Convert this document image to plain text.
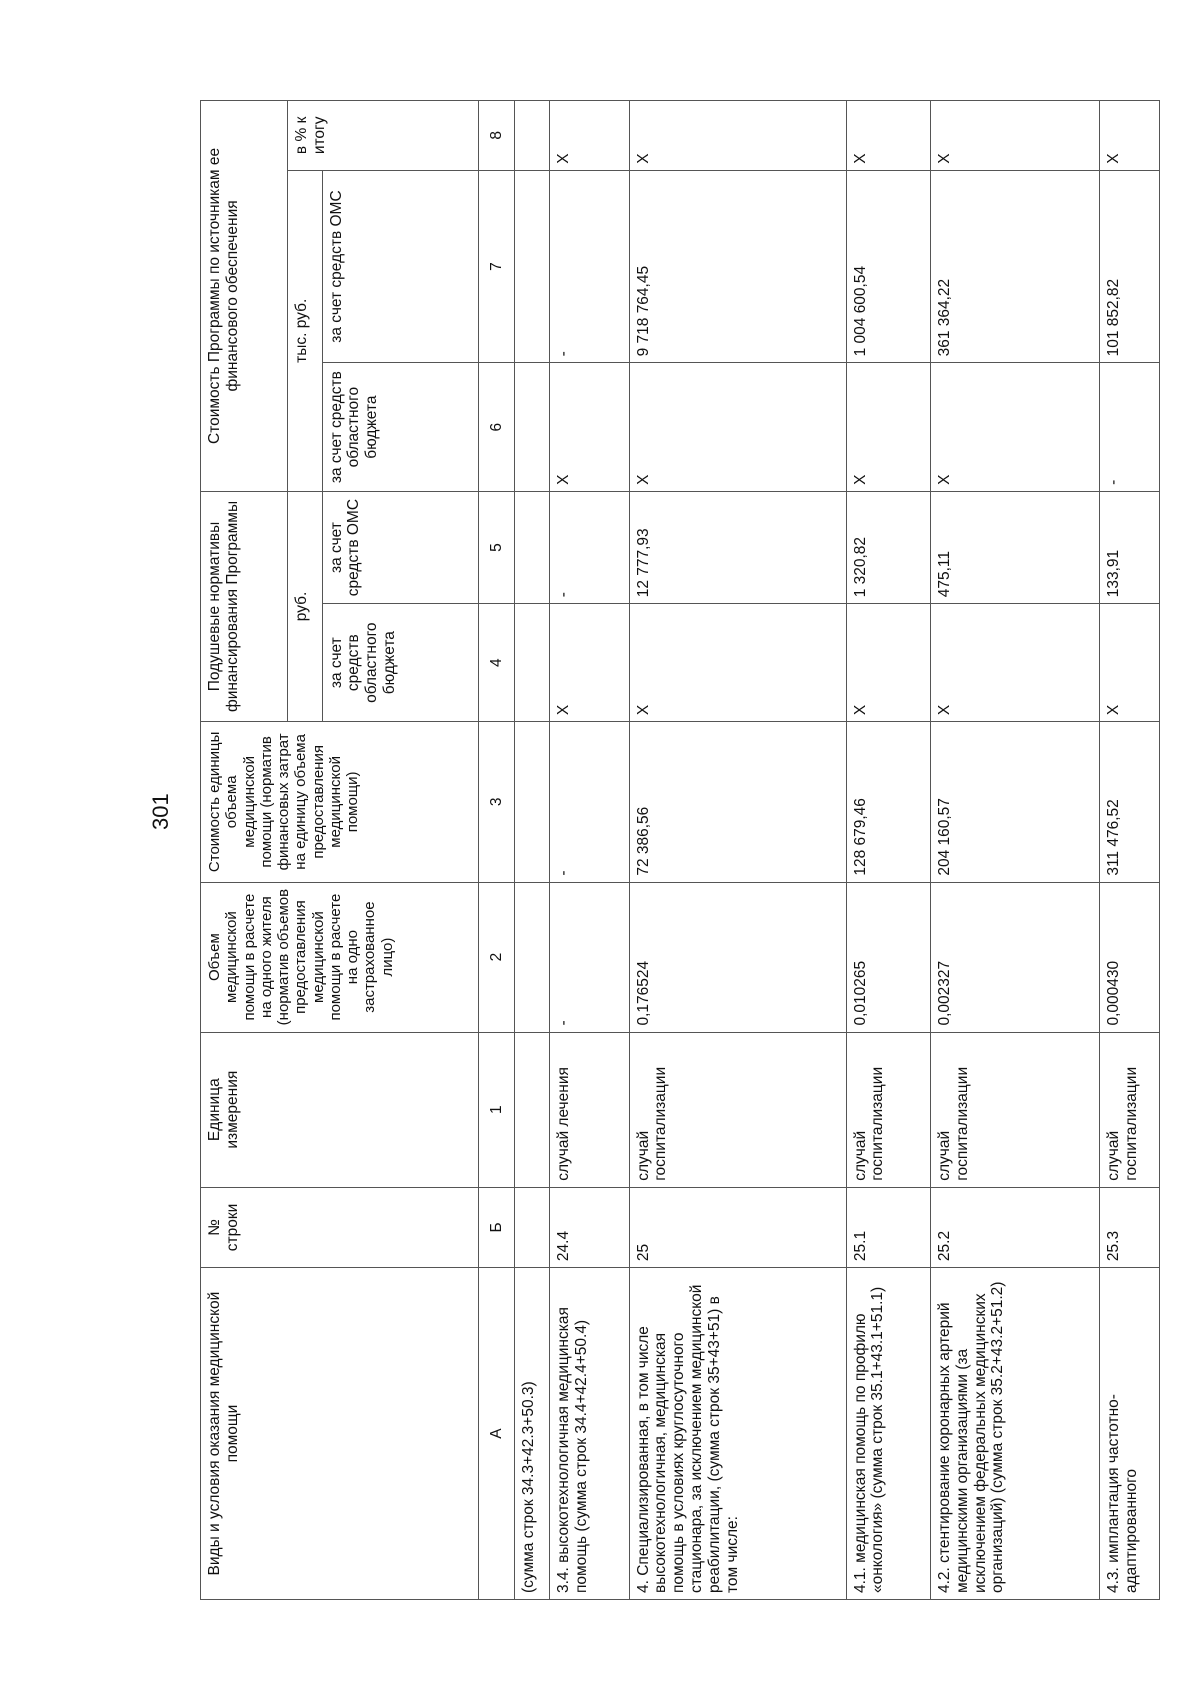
301
Виды и условия оказания медицинской помощи	№ строки	Единица измерения	Объем медицинской помощи в расчете на одного жителя (норматив объемов предоставления медицинской помощи в расчете на одно застрахованное лицо)	Стоимость единицы объема медицинской помощи (норматив финансовых затрат на единицу объема предоставления медицинской помощи)	Подушевые нормативы финансирования Программы		Стоимость Программы по источникам ее финансового обеспечения		
					руб.		тыс. руб.		в % к итогу
					за счет средств областного бюджета	за счет средств ОМС	за счет средств областного бюджета	за счет средств ОМС	
А	Б	1	2	3	4	5	6	7	8
(сумма строк 34.3+42.3+50.3)									
3.4. высокотехнологичная медицинская помощь (сумма строк 34.4+42.4+50.4)	24.4	случай лечения	-	-	X	-	X	-	X
4. Специализированная, в том числе высокотехнологичная, медицинская помощь в условиях круглосуточного стационара, за исключением медицинской реабилитации, (сумма строк 35+43+51) в том числе:	25	случай госпитализации	0,176524	72 386,56	X	12 777,93	X	9 718 764,45	X
4.1. медицинская помощь по профилю «онкология» (сумма строк 35.1+43.1+51.1)	25.1	случай госпитализации	0,010265	128 679,46	X	1 320,82	X	1 004 600,54	X
4.2. стентирование коронарных артерий медицинскими организациями (за исключением федеральных медицинских организаций) (сумма строк 35.2+43.2+51.2)	25.2	случай госпитализации	0,002327	204 160,57	X	475,11	X	361 364,22	X
4.3. имплантация частотно-адаптированного	25.3	случай госпитализации	0,000430	311 476,52	X	133,91	-	101 852,82	X
